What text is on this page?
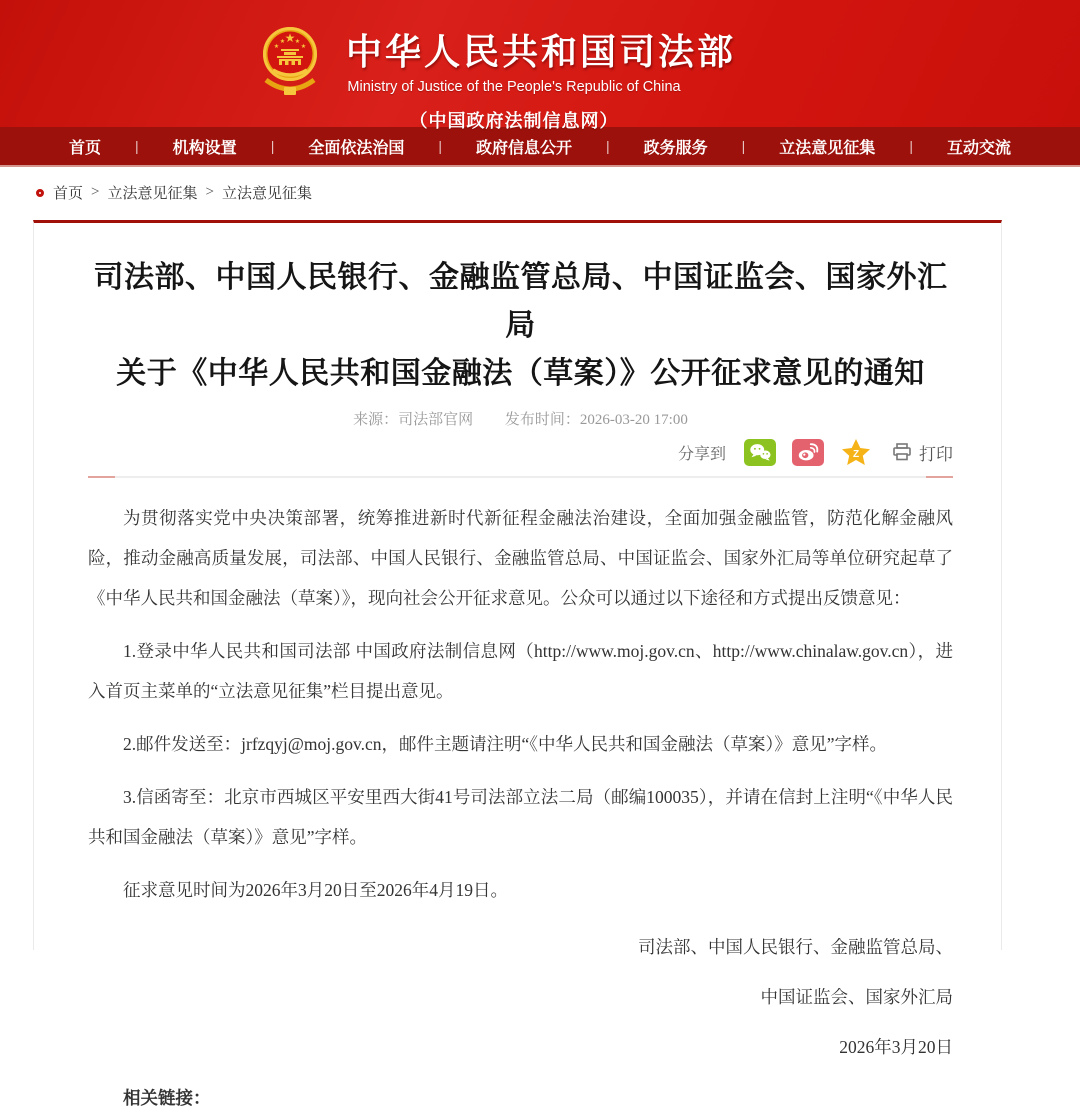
★
★
★ ★
★ 中华人民共和国司法部
Ministry of Justice of the People's Republic of China
（中国政府法制信息网）
首页	|	机构设置	|	全面依法治国	|	政府信息公开	|	政务服务	|	立法意见征集	|	互动交流
首页 > 立法意见征集 > 立法意见征集
司法部、中国人民银行、金融监管总局、中国证监会、国家外汇局
关于《中华人民共和国金融法（草案）》公开征求意见的通知
来源：司法部官网 发布时间：2026-03-20 17:00
分享到	Z	打印

为贯彻落实党中央决策部署，统筹推进新时代新征程金融法治建设，全面加强金融监管，防范化解金融风险，推动金融高质量发展，司法部、中国人民银行、金融监管总局、中国证监会、国家外汇局等单位研究起草了《中华人民共和国金融法（草案）》，现向社会公开征求意见。公众可以通过以下途径和方式提出反馈意见：

1.登录中华人民共和国司法部 中国政府法制信息网（http://www.moj.gov.cn、http://www.chinalaw.gov.cn），进入首页主菜单的“立法意见征集”栏目提出意见。

2.邮件发送至：jrfzqyj@moj.gov.cn，邮件主题请注明“《中华人民共和国金融法（草案）》意见”字样。

3.信函寄至：北京市西城区平安里西大街41号司法部立法二局（邮编100035），并请在信封上注明“《中华人民共和国金融法（草案）》意见”字样。

征求意见时间为2026年3月20日至2026年4月19日。

司法部、中国人民银行、金融监管总局、

中国证监会、国家外汇局

2026年3月20日

相关链接：
